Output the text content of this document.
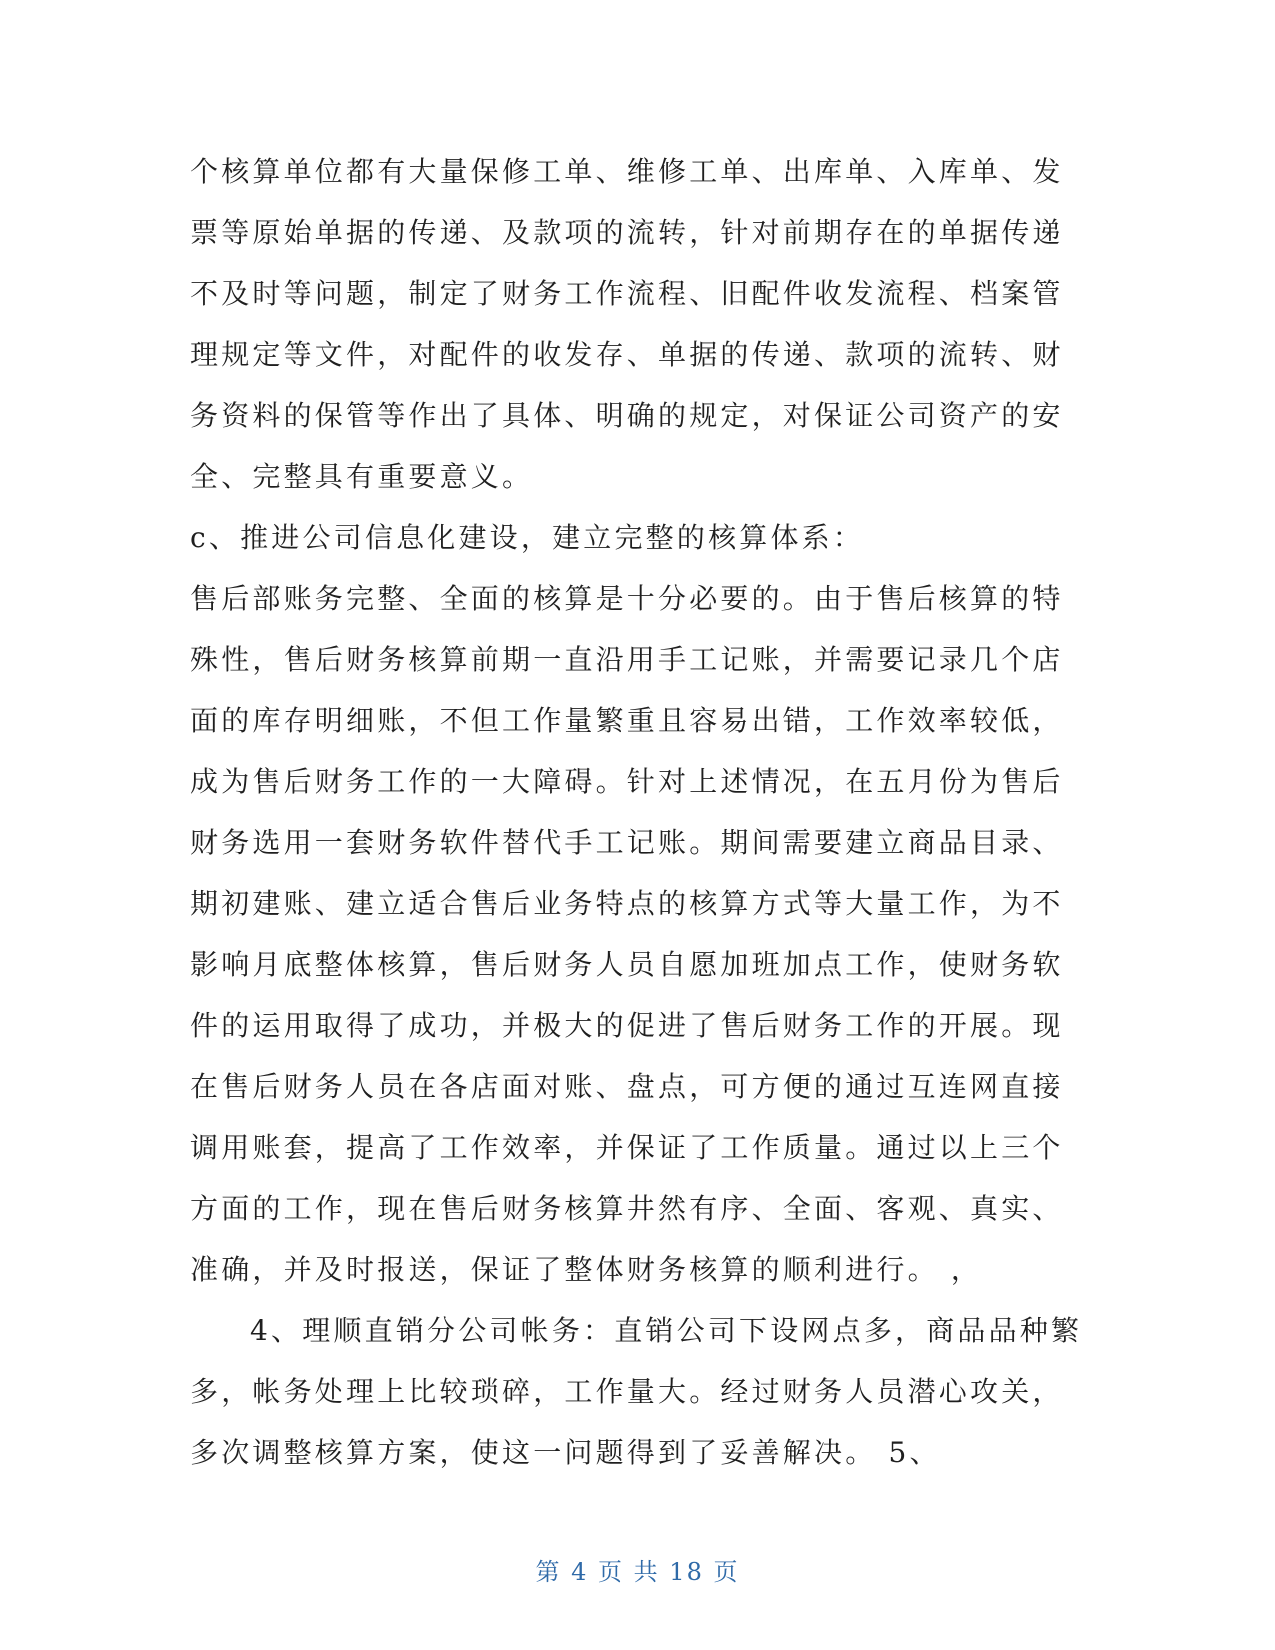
个核算单位都有大量保修工单、维修工单、出库单、入库单、发
票等原始单据的传递、及款项的流转，针对前期存在的单据传递
不及时等问题，制定了财务工作流程、旧配件收发流程、档案管
理规定等文件，对配件的收发存、单据的传递、款项的流转、财
务资料的保管等作出了具体、明确的规定，对保证公司资产的安
全、完整具有重要意义。
c、推进公司信息化建设，建立完整的核算体系：
售后部账务完整、全面的核算是十分必要的。由于售后核算的特
殊性，售后财务核算前期一直沿用手工记账，并需要记录几个店
面的库存明细账，不但工作量繁重且容易出错，工作效率较低，
成为售后财务工作的一大障碍。针对上述情况，在五月份为售后
财务选用一套财务软件替代手工记账。期间需要建立商品目录、
期初建账、建立适合售后业务特点的核算方式等大量工作，为不
影响月底整体核算，售后财务人员自愿加班加点工作，使财务软
件的运用取得了成功，并极大的促进了售后财务工作的开展。现
在售后财务人员在各店面对账、盘点，可方便的通过互连网直接
调用账套，提高了工作效率，并保证了工作质量。通过以上三个
方面的工作，现在售后财务核算井然有序、全面、客观、真实、
准确，并及时报送，保证了整体财务核算的顺利进行。 ，
4、理顺直销分公司帐务：直销公司下设网点多，商品品种繁
多，帐务处理上比较琐碎，工作量大。经过财务人员潜心攻关，
多次调整核算方案，使这一问题得到了妥善解决。 5、
第 4 页 共 18 页
